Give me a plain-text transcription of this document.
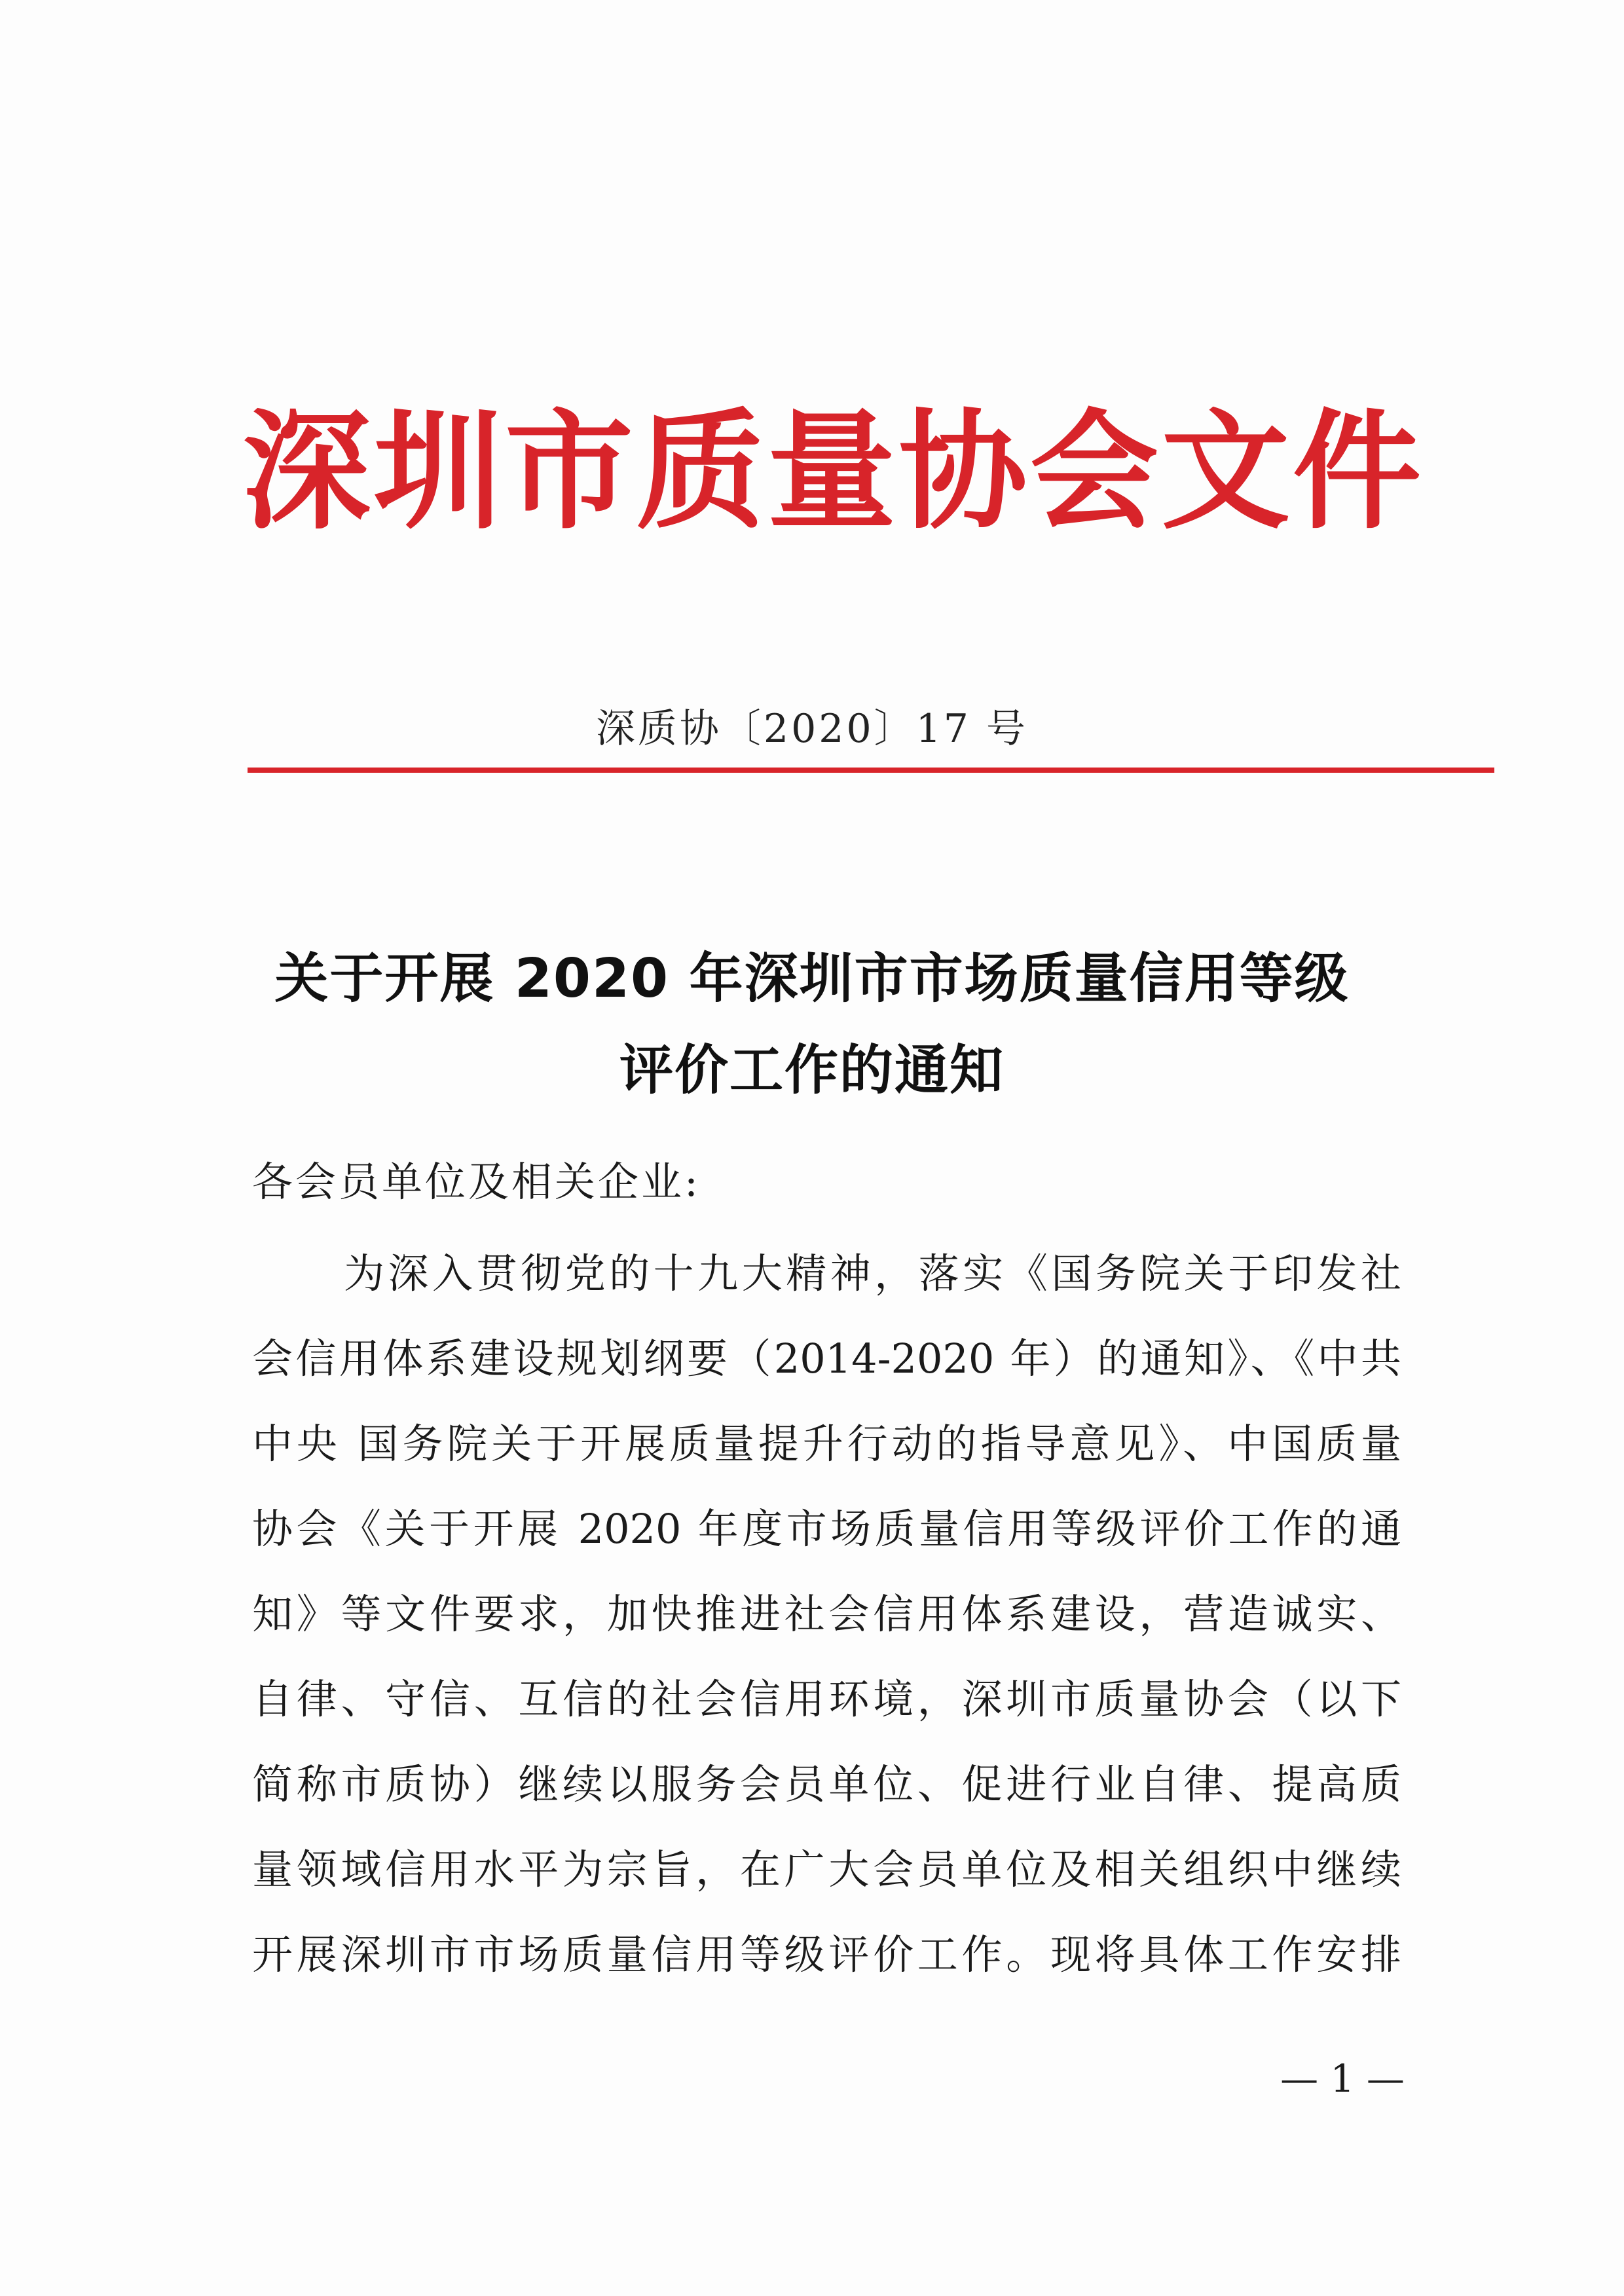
深 圳 市 质 量 协 会 文 件
深质协〔2020〕17 号
关于开展 2020 年深圳市市场质量信用等级
评价工作的通知
各会员单位及相关企业:
为深入贯彻党的十九大精神，落实《国务院关于印发社
会信用体系建设规划纲要（2014-2020 年）的通知》、《中共
中央 国务院关于开展质量提升行动的指导意见》、中国质量
协会《关于开展 2020 年度市场质量信用等级评价工作的通
知》等文件要求，加快推进社会信用体系建设，营造诚实、
自律、守信、互信的社会信用环境，深圳市质量协会（以下
简称市质协）继续以服务会员单位、促进行业自律、提高质
量领域信用水平为宗旨，在广大会员单位及相关组织中继续
开展深圳市市场质量信用等级评价工作。现将具体工作安排
— 1 —
